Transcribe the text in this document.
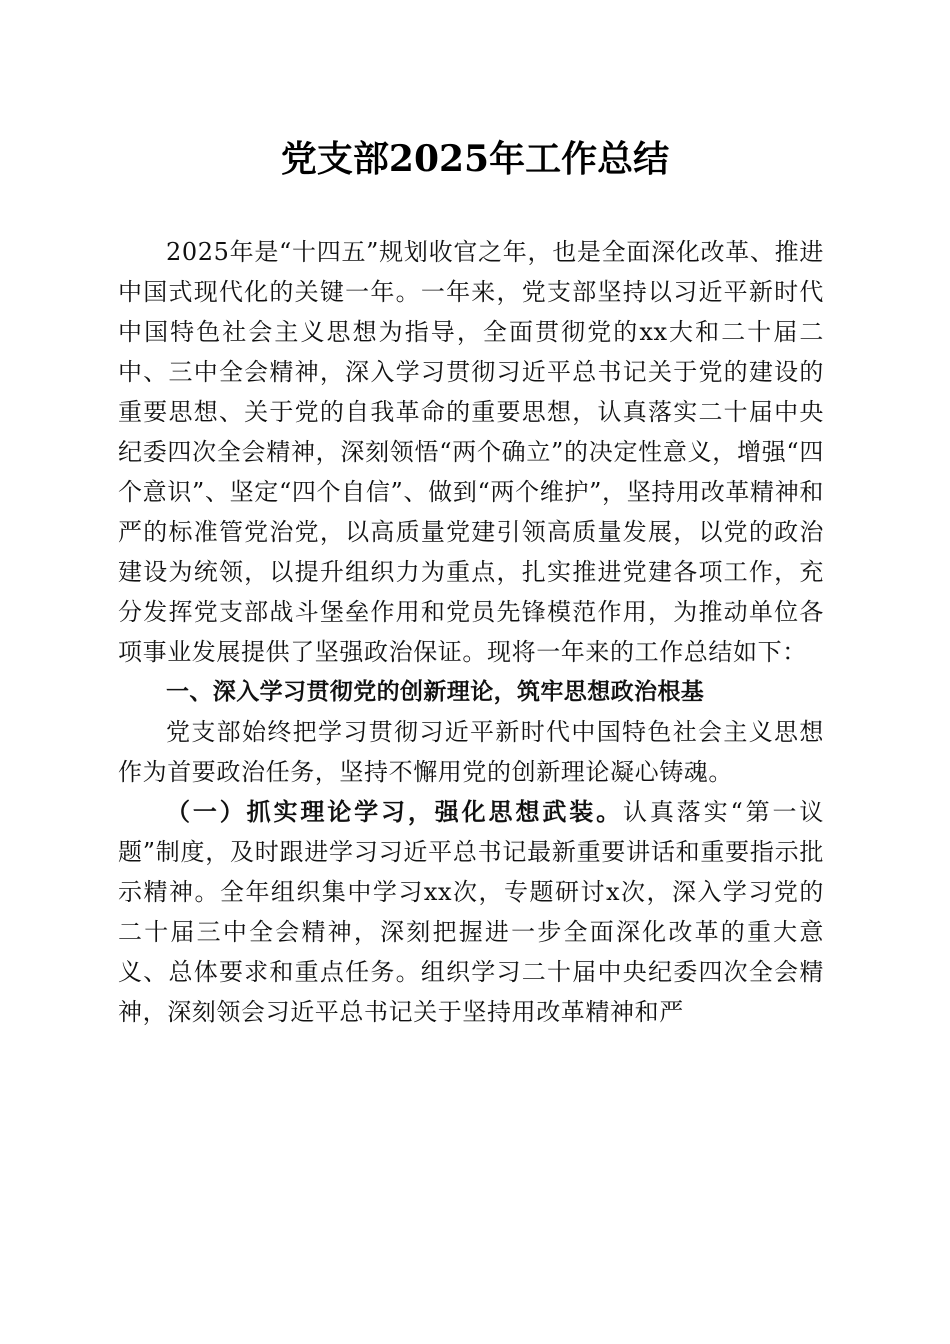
党支部2025年工作总结

2025年是“十四五”规划收官之年，也是全面深化改革、推进中国式现代化的关键一年。一年来，党支部坚持以习近平新时代中国特色社会主义思想为指导，全面贯彻党的xx大和二十届二中、三中全会精神，深入学习贯彻习近平总书记关于党的建设的重要思想、关于党的自我革命的重要思想，认真落实二十届中央纪委四次全会精神，深刻领悟“两个确立”的决定性意义，增强“四个意识”、坚定“四个自信”、做到“两个维护”，坚持用改革精神和严的标准管党治党，以高质量党建引领高质量发展，以党的政治建设为统领，以提升组织力为重点，扎实推进党建各项工作，充分发挥党支部战斗堡垒作用和党员先锋模范作用，为推动单位各项事业发展提供了坚强政治保证。现将一年来的工作总结如下：

一、深入学习贯彻党的创新理论，筑牢思想政治根基

党支部始终把学习贯彻习近平新时代中国特色社会主义思想作为首要政治任务，坚持不懈用党的创新理论凝心铸魂。

（一）抓实理论学习，强化思想武装。认真落实“第一议题”制度，及时跟进学习习近平总书记最新重要讲话和重要指示批示精神。全年组织集中学习xx次，专题研讨x次，深入学习党的二十届三中全会精神，深刻把握进一步全面深化改革的重大意义、总体要求和重点任务。组织学习二十届中央纪委四次全会精神，深刻领会习近平总书记关于坚持用改革精神和严
